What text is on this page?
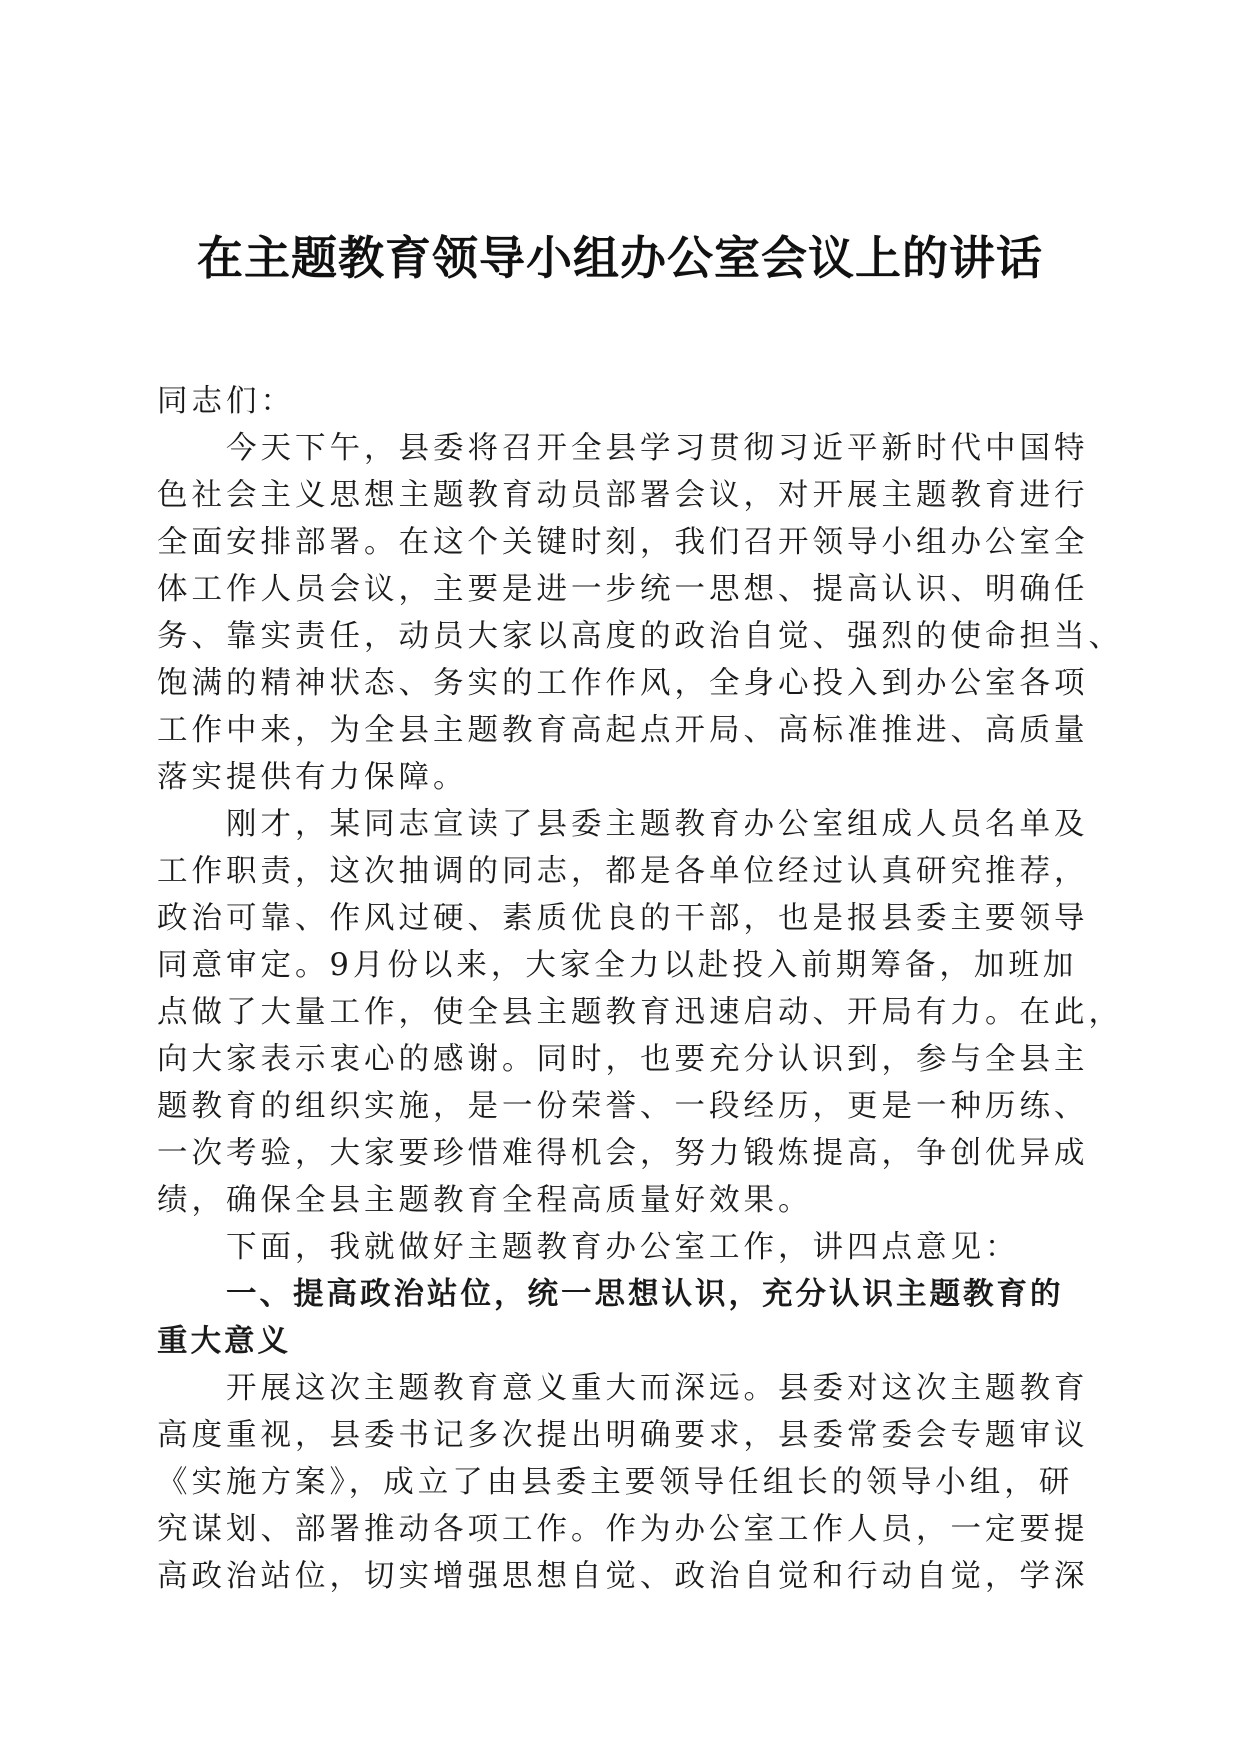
在主题教育领导小组办公室会议上的讲话

同志们：

今天下午，县委将召开全县学习贯彻习近平新时代中国特

色社会主义思想主题教育动员部署会议，对开展主题教育进行

全面安排部署。在这个关键时刻，我们召开领导小组办公室全

体工作人员会议，主要是进一步统一思想、提高认识、明确任

务、靠实责任，动员大家以高度的政治自觉、强烈的使命担当、

饱满的精神状态、务实的工作作风，全身心投入到办公室各项

工作中来，为全县主题教育高起点开局、高标准推进、高质量

落实提供有力保障。

刚才，某同志宣读了县委主题教育办公室组成人员名单及

工作职责，这次抽调的同志，都是各单位经过认真研究推荐，

政治可靠、作风过硬、素质优良的干部，也是报县委主要领导

同意审定。9月份以来，大家全力以赴投入前期筹备，加班加

点做了大量工作，使全县主题教育迅速启动、开局有力。在此，

向大家表示衷心的感谢。同时，也要充分认识到，参与全县主

题教育的组织实施，是一份荣誉、一段经历，更是一种历练、

一次考验，大家要珍惜难得机会，努力锻炼提高，争创优异成

绩，确保全县主题教育全程高质量好效果。

下面，我就做好主题教育办公室工作，讲四点意见：

一、提高政治站位，统一思想认识，充分认识主题教育的

重大意义

开展这次主题教育意义重大而深远。县委对这次主题教育

高度重视，县委书记多次提出明确要求，县委常委会专题审议

《实施方案》，成立了由县委主要领导任组长的领导小组，研

究谋划、部署推动各项工作。作为办公室工作人员，一定要提

高政治站位，切实增强思想自觉、政治自觉和行动自觉，学深
